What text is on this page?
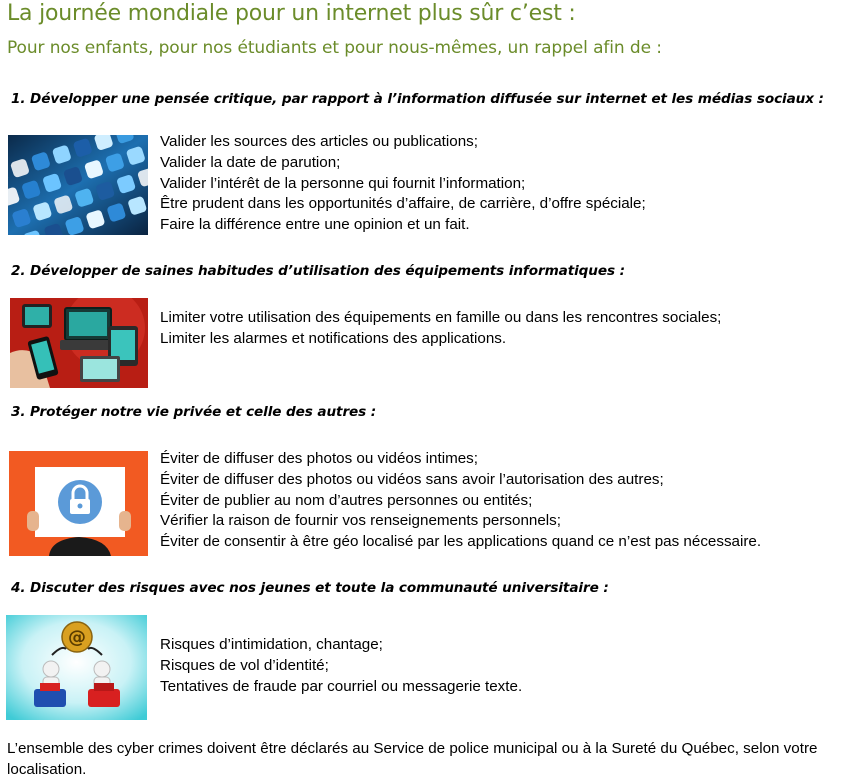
La journée mondiale pour un internet plus sûr c’est :
Pour nos enfants, pour nos étudiants et pour nous-mêmes, un rappel afin de :
1. Développer une pensée critique, par rapport à l’information diffusée sur internet et les médias sociaux :
Valider les sources des articles ou publications;
Valider la date de parution;
Valider l’intérêt de la personne qui fournit l’information;
Être prudent dans les opportunités d’affaire, de carrière, d’offre spéciale;
Faire la différence entre une opinion et un fait.
2. Développer de saines habitudes d’utilisation des équipements informatiques :
Limiter votre utilisation des équipements en famille ou dans les rencontres sociales;
Limiter les alarmes et notifications des applications.
3. Protéger notre vie privée et celle des autres :
Éviter de diffuser des photos ou vidéos intimes;
Éviter de diffuser des photos ou vidéos sans avoir l’autorisation des autres;
Éviter de publier au nom d’autres personnes ou entités;
Vérifier la raison de fournir vos renseignements personnels;
Éviter de consentir à être géo localisé par les applications quand ce n’est pas nécessaire.
4. Discuter des risques avec nos jeunes et toute la communauté universitaire :
@	Risques d’intimidation, chantage;
Risques de vol d’identité;
Tentatives de fraude par courriel ou messagerie texte.
L’ensemble des cyber crimes doivent être déclarés au Service de police municipal ou à la Sureté du Québec, selon votre localisation.
